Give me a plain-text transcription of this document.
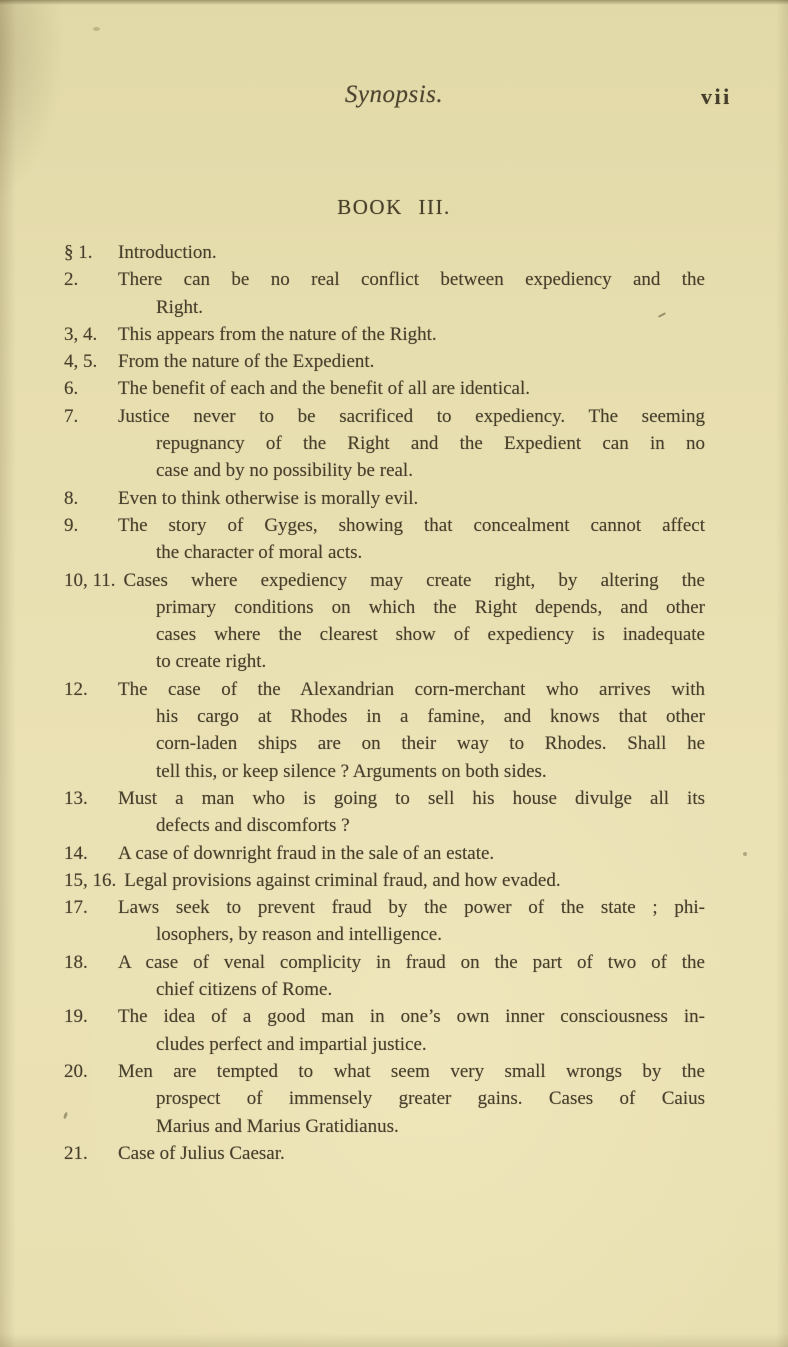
Synopsis.	vii
BOOK III.
§ 1. Introduction.
2. There can be no real conflict between expediency and the
Right.
3, 4. This appears from the nature of the Right.
4, 5. From the nature of the Expedient.
6. The benefit of each and the benefit of all are identical.
7. Justice never to be sacrificed to expediency. The seeming
repugnancy of the Right and the Expedient can in no
case and by no possibility be real.
8. Even to think otherwise is morally evil.
9. The story of Gyges, showing that concealment cannot affect
the character of moral acts.
10, 11. Cases where expediency may create right, by altering the
primary conditions on which the Right depends, and other
cases where the clearest show of expediency is inadequate
to create right.
12. The case of the Alexandrian corn-merchant who arrives with
his cargo at Rhodes in a famine, and knows that other
corn-laden ships are on their way to Rhodes. Shall he
tell this, or keep silence ? Arguments on both sides.
13. Must a man who is going to sell his house divulge all its
defects and discomforts ?
14. A case of downright fraud in the sale of an estate.
15, 16. Legal provisions against criminal fraud, and how evaded.
17. Laws seek to prevent fraud by the power of the state ; phi-
losophers, by reason and intelligence.
18. A case of venal complicity in fraud on the part of two of the
chief citizens of Rome.
19. The idea of a good man in one’s own inner consciousness in-
cludes perfect and impartial justice.
20. Men are tempted to what seem very small wrongs by the
prospect of immensely greater gains. Cases of Caius
Marius and Marius Gratidianus.
21. Case of Julius Caesar.
